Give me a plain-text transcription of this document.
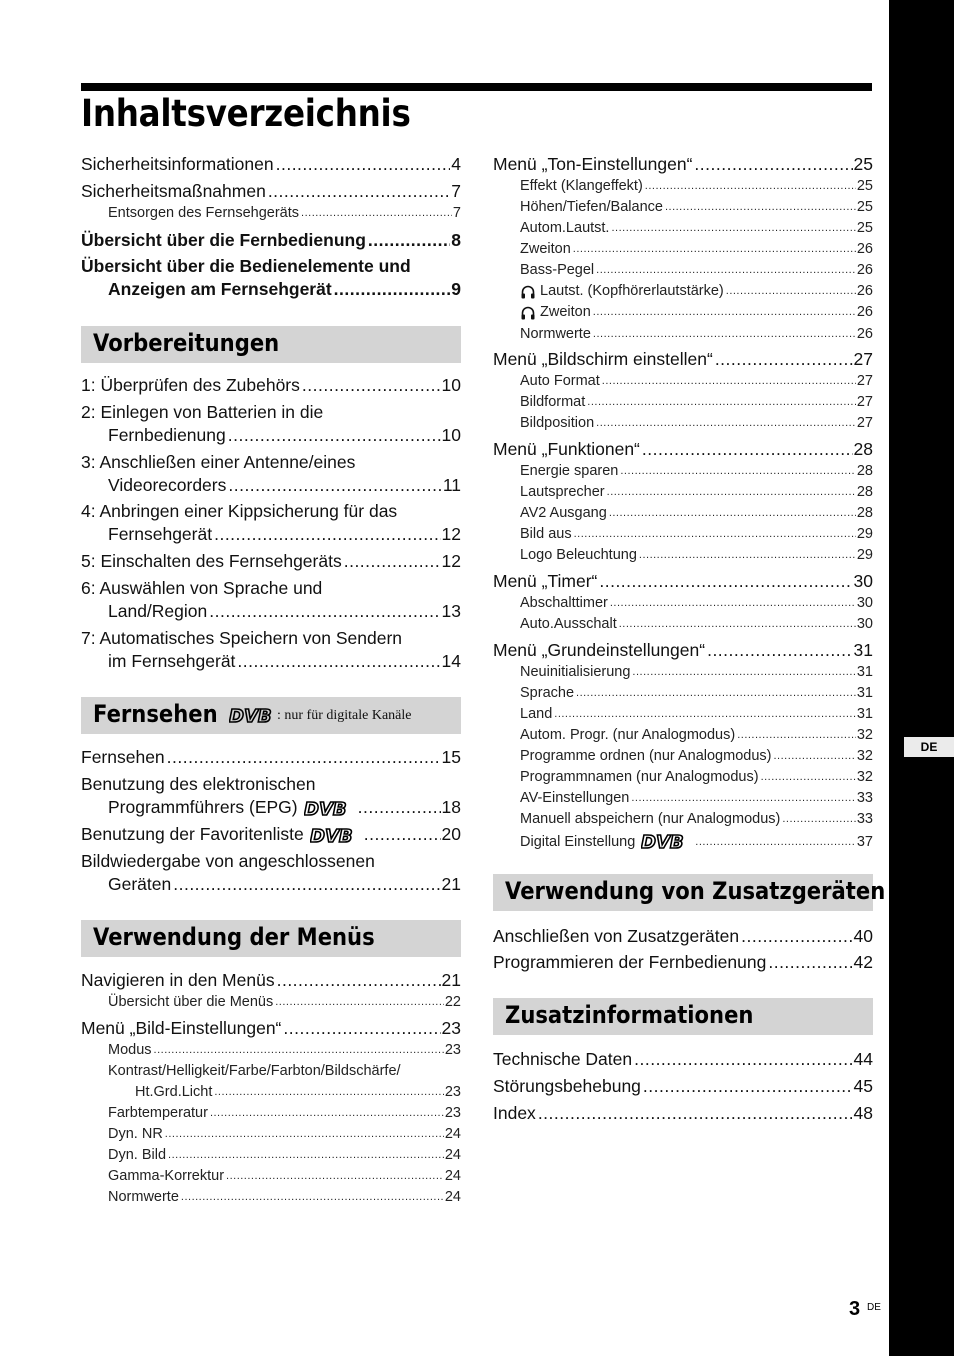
DE
Inhaltsverzeichnis
Sicherheitsinformationen .....	4
Sicherheitsmaßnahmen .....	7
Entsorgen des Fernsehgeräts .....	7
Übersicht über die Fernbedienung .....	8
Übersicht über die Bedienelemente und
Anzeigen am Fernsehgerät .....	9
Vorbereitungen
1: Überprüfen des Zubehörs .....	10
2: Einlegen von Batterien in die
Fernbedienung .....	10
3: Anschließen einer Antenne/eines
Videorecorders .....	11
4: Anbringen einer Kippsicherung für das
Fernsehgerät .....	12
5: Einschalten des Fernsehgeräts .....	12
6: Auswählen von Sprache und
Land/Region .....	13
7: Automatisches Speichern von Sendern
im Fernsehgerät .....	14
Fernsehen DVB : nur für digitale Kanäle
Fernsehen .....	15
Benutzung des elektronischen
Programmführers (EPG) DVB .....	18
Benutzung der Favoritenliste DVB .....	20
Bildwiedergabe von angeschlossenen
Geräten .....	21
Verwendung der Menüs
Navigieren in den Menüs .....	21
Übersicht über die Menüs .....	22
Menü „Bild-Einstellungen“ .....	23
Modus .....	23
Kontrast/Helligkeit/Farbe/Farbton/Bildschärfe/
Ht.Grd.Licht .....	23
Farbtemperatur .....	23
Dyn. NR .....	24
Dyn. Bild .....	24
Gamma-Korrektur .....	24
Normwerte .....	24
Menü „Ton-Einstellungen“ .....	25
Effekt (Klangeffekt) .....	25
Höhen/Tiefen/Balance .....	25
Autom.Lautst. .....	25
Zweiton .....	26
Bass-Pegel .....	26
Lautst. (Kopfhörerlautstärke) .....	26
Zweiton .....	26
Normwerte .....	26
Menü „Bildschirm einstellen“ .....	27
Auto Format .....	27
Bildformat .....	27
Bildposition .....	27
Menü „Funktionen“ .....	28
Energie sparen .....	28
Lautsprecher .....	28
AV2 Ausgang .....	28
Bild aus .....	29
Logo Beleuchtung .....	29
Menü „Timer“ .....	30
Abschalttimer .....	30
Auto.Ausschalt .....	30
Menü „Grundeinstellungen“ .....	31
Neuinitialisierung .....	31
Sprache .....	31
Land .....	31
Autom. Progr. (nur Analogmodus) .....	32
Programme ordnen (nur Analogmodus) .....	32
Programmnamen (nur Analogmodus) .....	32
AV-Einstellungen .....	33
Manuell abspeichern (nur Analogmodus) .....	33
Digital Einstellung DVB .....	37
Verwendung von Zusatzgeräten
Anschließen von Zusatzgeräten .....	40
Programmieren der Fernbedienung .....	42
Zusatzinformationen
Technische Daten .....	44
Störungsbehebung .....	45
Index .....	48
3 DE
